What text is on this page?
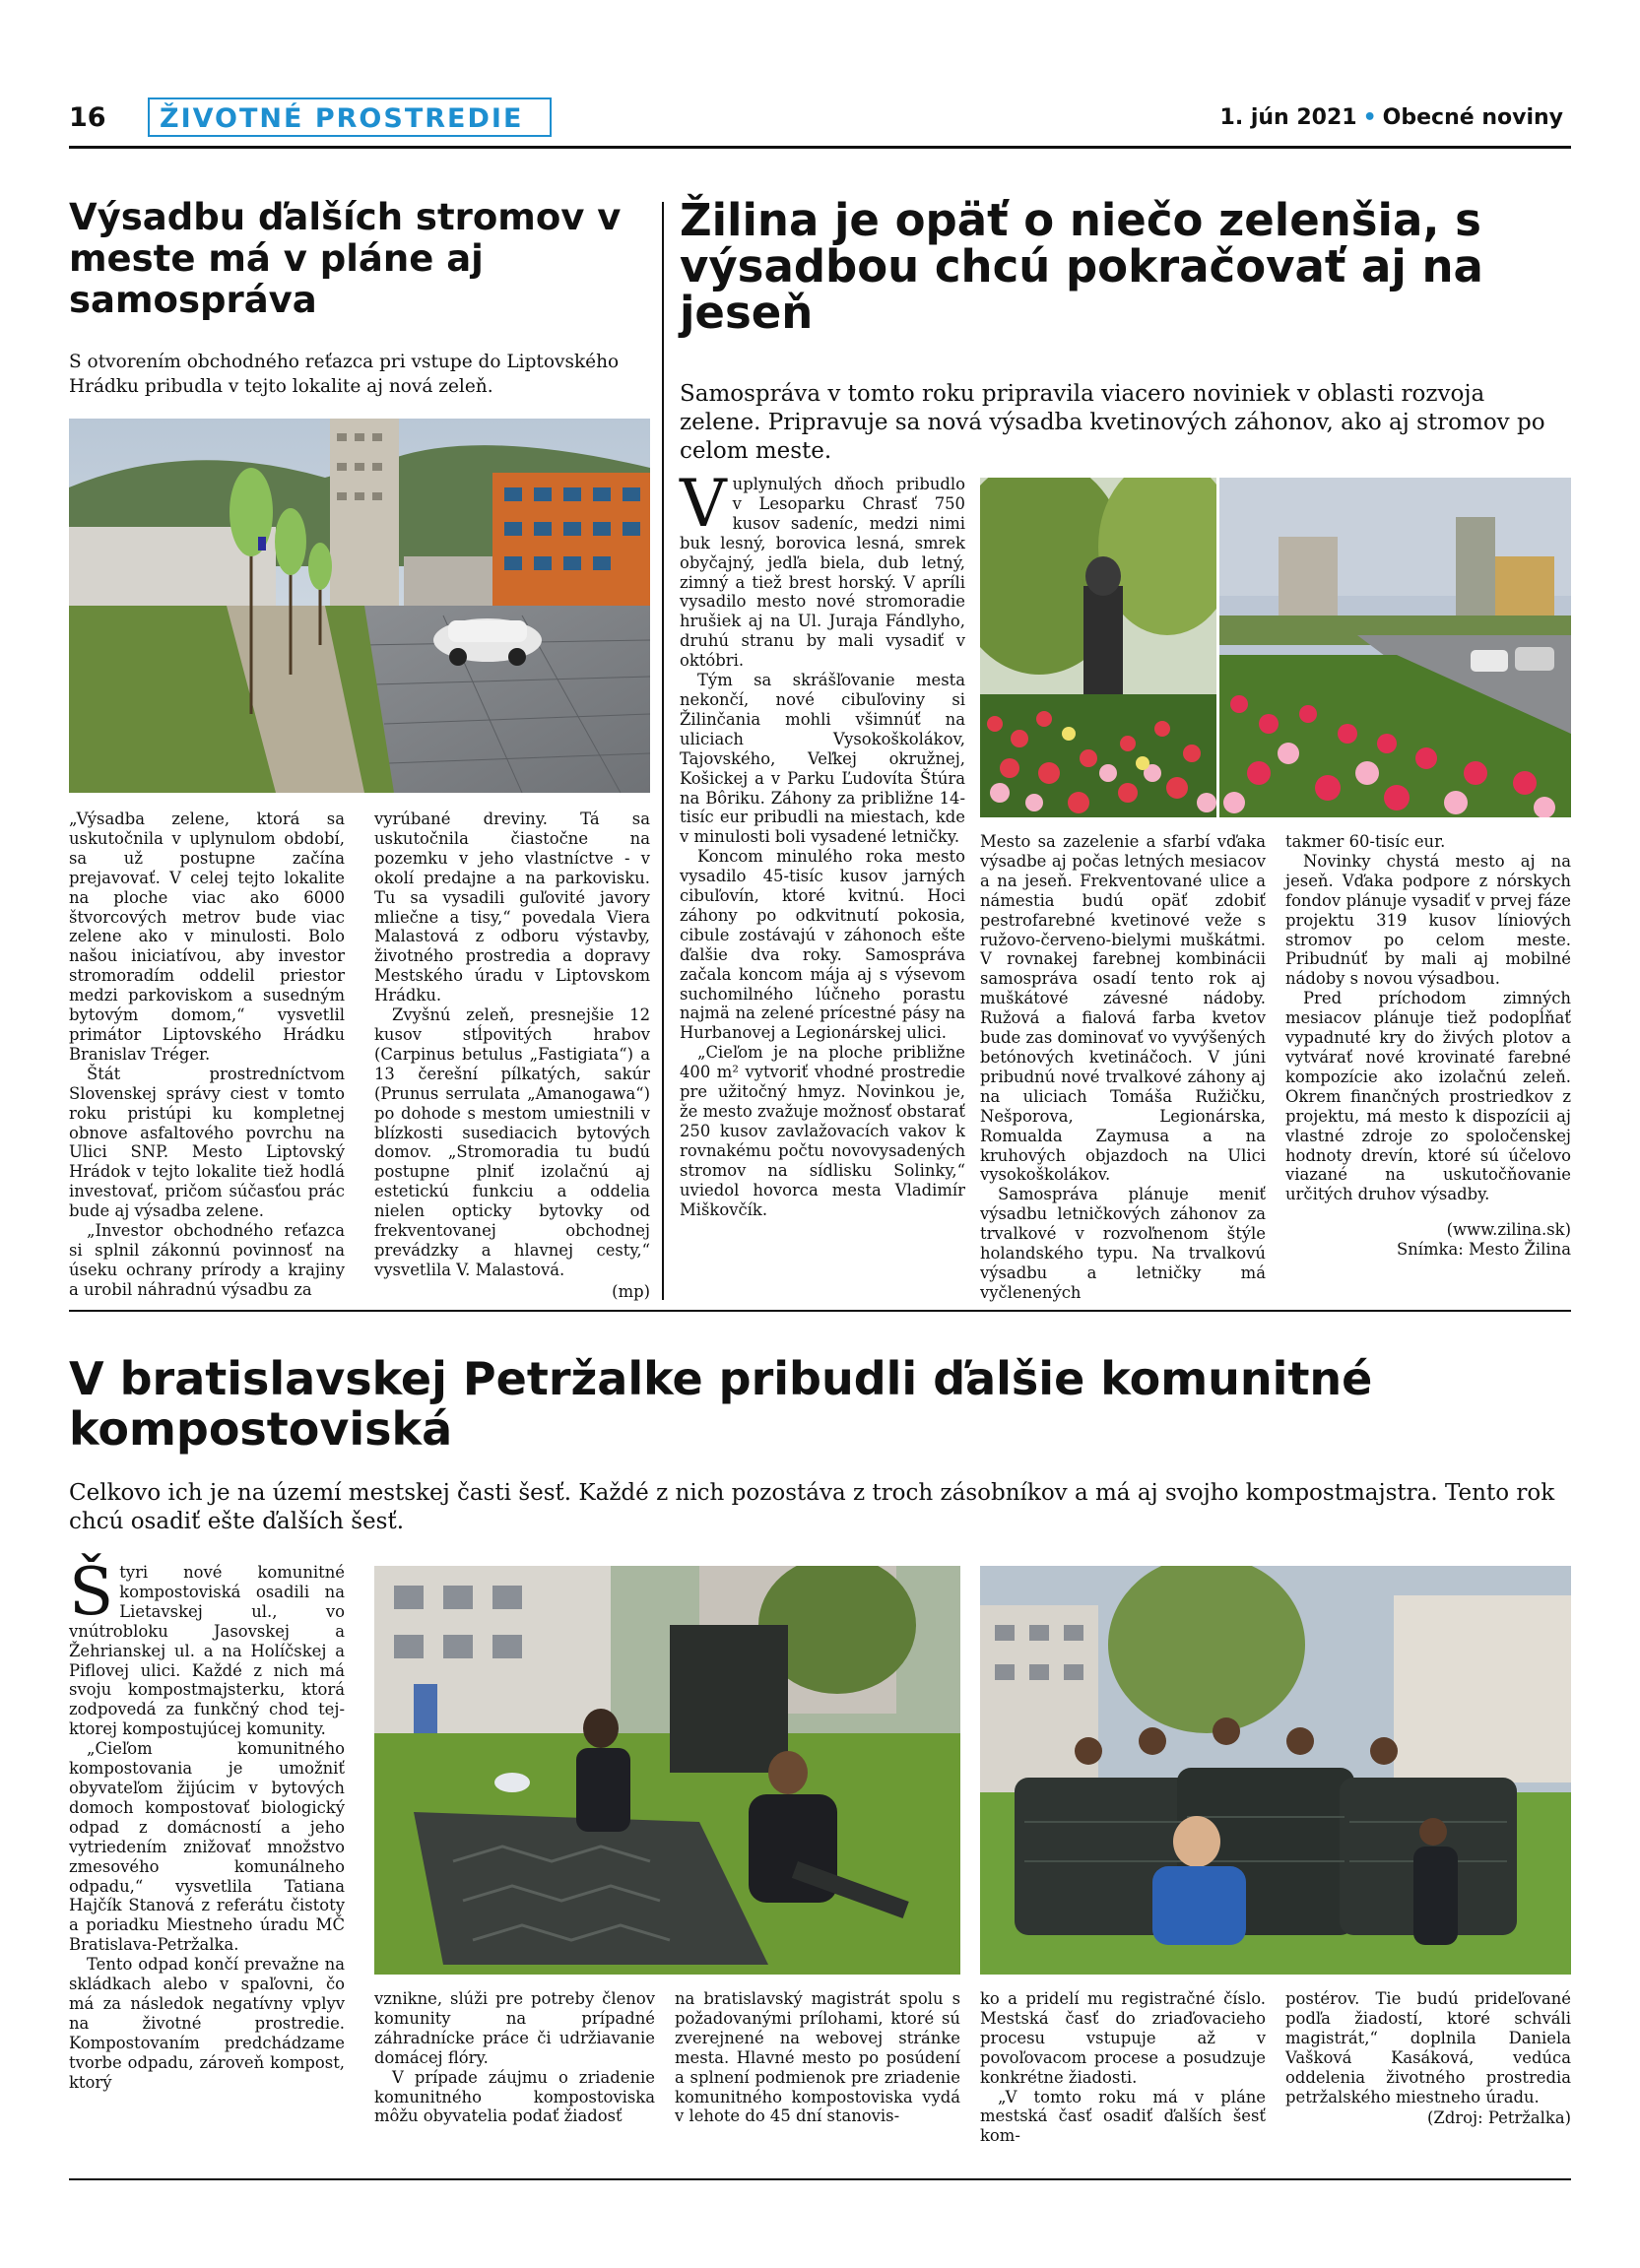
16	ŽIVOTNÉ PROSTREDIE	1. jún 2021 • Obecné noviny
Výsadbu ďalších stromov v meste má v pláne aj samospráva
S otvorením obchodného reťazca pri vstupe do Liptovského Hrádku pribudla v tejto lokalite aj nová zeleň.

„Výsadba zelene, ktorá sa uskutočnila v uplynulom období, sa už postupne začína prejavovať. V celej tejto lokalite na ploche viac ako 6000 štvorcových metrov bude viac zelene ako v minulosti. Bolo našou iniciatívou, aby investor stromoradím oddelil priestor medzi parkoviskom a susedným bytovým domom,“ vysvetlil primátor Liptovského Hrádku Branislav Tréger.

Štát prostredníctvom Slovenskej správy ciest v tomto roku pristúpi ku kompletnej obnove asfaltového povrchu na Ulici SNP. Mesto Liptovský Hrádok v tejto lokalite tiež hodlá investovať, pričom súčasťou prác bude aj výsadba zelene.

„Investor obchodného reťazca si splnil zákonnú povinnosť na úseku ochrany prírody a krajiny a urobil náhradnú výsadbu za

vyrúbané dreviny. Tá sa uskutočnila čiastočne na pozemku v jeho vlastníctve - v okolí predajne a na parkovisku. Tu sa vysadili guľovité javory mliečne a tisy,“ povedala Viera Malastová z odboru výstavby, životného prostredia a dopravy Mestského úradu v Liptovskom Hrádku.

Zvyšnú zeleň, presnejšie 12 kusov stĺpovitých hrabov (Carpinus betulus „Fastigiata“) a 13 čerešní pílkatých, sakúr (Prunus serrulata „Amanogawa“) po dohode s mestom umiestnili v blízkosti susediacich bytových domov. „Stromoradia tu budú postupne plniť izolačnú aj estetickú funkciu a oddelia nielen opticky bytovky od frekventovanej obchodnej prevádzky a hlavnej cesty,“ vysvetlila V. Malastová.

(mp)

Žilina je opäť o niečo zelenšia, s výsadbou chcú pokračovať aj na jeseň
Samospráva v tomto roku pripravila viacero noviniek v oblasti rozvoja zelene. Pripravuje sa nová výsadba kvetinových záhonov, ako aj stromov po celom meste.

Vuplynulých dňoch pribudlo v Lesoparku Chrasť 750 kusov sadeníc, medzi nimi buk lesný, borovica lesná, smrek obyčajný, jedľa biela, dub letný, zimný a tiež brest horský. V apríli vysadilo mesto nové stromoradie hrušiek aj na Ul. Juraja Fándlyho, druhú stranu by mali vysadiť v októbri.

Tým sa skrášľovanie mesta nekončí, nové cibuľoviny si Žilinčania mohli všimnúť na uliciach Vysokoškolákov, Tajovského, Veľkej okružnej, Košickej a v Parku Ľudovíta Štúra na Bôriku. Záhony za približne 14-tisíc eur pribudli na miestach, kde v minulosti boli vysadené letničky.

Koncom minulého roka mesto vysadilo 45-tisíc kusov jarných cibuľovín, ktoré kvitnú. Hoci záhony po odkvitnutí pokosia, cibule zostávajú v záhonoch ešte ďalšie dva roky. Samospráva začala koncom mája aj s výsevom suchomilného lúčneho porastu najmä na zelené prícestné pásy na Hurbanovej a Legionárskej ulici.

„Cieľom je na ploche približne 400 m² vytvoriť vhodné prostredie pre užitočný hmyz. Novinkou je, že mesto zvažuje možnosť obstarať 250 kusov zavlažovacích vakov k rovnakému počtu novovysadených stromov na sídlisku Solinky,“ uviedol hovorca mesta Vladimír Miškovčík.

Mesto sa zazelenie a sfarbí vďaka výsadbe aj počas letných mesiacov a na jeseň. Frekventované ulice a námestia budú opäť zdobiť pestrofarebné kvetinové veže s ružovo-červeno-bielymi muškátmi. V rovnakej farebnej kombinácii samospráva osadí tento rok aj muškátové závesné nádoby. Ružová a fialová farba kvetov bude zas dominovať vo vyvýšených betónových kvetináčoch. V júni pribudnú nové trvalkové záhony aj na uliciach Tomáša Ružičku, Nešporova, Legionárska, Romualda Zaymusa a na kruhových objazdoch na Ulici vysokoškolákov.

Samospráva plánuje meniť výsadbu letničkových záhonov za trvalkové v rozvoľnenom štýle holandského typu. Na trvalkovú výsadbu a letničky má vyčlenených

takmer 60-tisíc eur.

Novinky chystá mesto aj na jeseň. Vďaka podpore z nórskych fondov plánuje vysadiť v prvej fáze projektu 319 kusov líniových stromov po celom meste. Pribudnúť by mali aj mobilné nádoby s novou výsadbou.

Pred príchodom zimných mesiacov plánuje tiež podopĺňať vypadnuté kry do živých plotov a vytvárať nové krovinaté farebné kompozície ako izolačnú zeleň. Okrem finančných prostriedkov z projektu, má mesto k dispozícii aj vlastné zdroje zo spoločenskej hodnoty drevín, ktoré sú účelovo viazané na uskutočňovanie určitých druhov výsadby.

(www.zilina.sk)

Snímka: Mesto Žilina

V bratislavskej Petržalke pribudli ďalšie komunitné kompostoviská
Celkovo ich je na území mestskej časti šesť. Každé z nich pozostáva z troch zásobníkov a má aj svojho kompostmajstra. Tento rok chcú osadiť ešte ďalších šesť.

Štyri nové komunitné kompostoviská osadili na Lietavskej ul., vo vnútrobloku Jasovskej a Žehrianskej ul. a na Holíčskej a Piflovej ulici. Každé z nich má svoju kompostmajsterku, ktorá zodpovedá za funkčný chod tej-ktorej kompostujúcej komunity.

„Cieľom komunitného kompostovania je umožniť obyvateľom žijúcim v bytových domoch kompostovať biologický odpad z domácností a jeho vytriedením znižovať množstvo zmesového komunálneho odpadu,“ vysvetlila Tatiana Hajčík Stanová z referátu čistoty a poriadku Miestneho úradu MČ Bratislava-Petržalka.

Tento odpad končí prevažne na skládkach alebo v spaľovni, čo má za následok negatívny vplyv na životné prostredie. Kompostovaním predchádzame tvorbe odpadu, zároveň kompost, ktorý

vznikne, slúži pre potreby členov komunity na prípadné záhradnícke práce či udržiavanie domácej flóry.

V prípade záujmu o zriadenie komunitného kompostoviska môžu obyvatelia podať žiadosť

na bratislavský magistrát spolu s požadovanými prílohami, ktoré sú zverejnené na webovej stránke mesta. Hlavné mesto po posúdení a splnení podmienok pre zriadenie komunitného kompostoviska vydá v lehote do 45 dní stanovis-

ko a pridelí mu registračné číslo. Mestská časť do zriaďovacieho procesu vstupuje až v povoľovacom procese a posudzuje konkrétne žiadosti.

„V tomto roku má v pláne mestská časť osadiť ďalších šesť kom-

postérov. Tie budú prideľované podľa žiadostí, ktoré schváli magistrát,“ doplnila Daniela Vašková Kasáková, vedúca oddelenia životného prostredia petržalského miestneho úradu.

(Zdroj: Petržalka)
